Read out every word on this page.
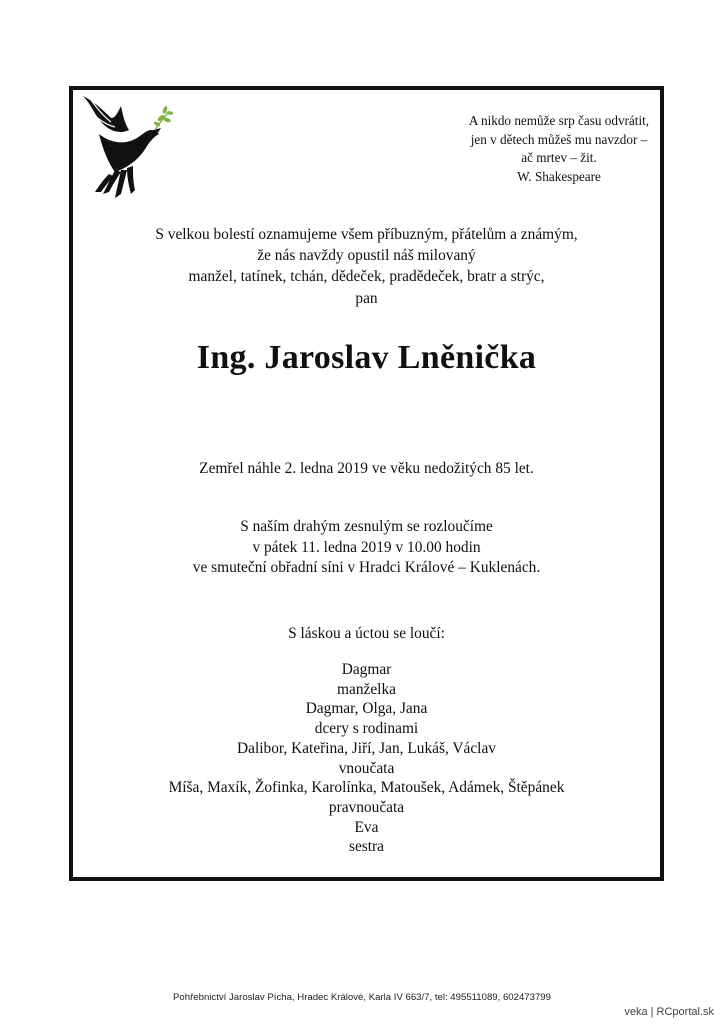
A nikdo nemůže srp času odvrátit,
jen v dětech můžeš mu navzdor –
ač mrtev – žit.
W. Shakespeare
S velkou bolestí oznamujeme všem příbuzným, přátelům a známým,
že nás navždy opustil náš milovaný
manžel, tatínek, tchán, dědeček, pradědeček, bratr a strýc,
pan
Ing. Jaroslav Lněnička
Zemřel náhle 2. ledna 2019 ve věku nedožitých 85 let.
S naším drahým zesnulým se rozloučíme
v pátek 11. ledna 2019 v 10.00 hodin
ve smuteční obřadní síni v Hradci Králové – Kuklenách.
S láskou a úctou se loučí:
Dagmar
manželka
Dagmar, Olga, Jana
dcery s rodinami
Dalibor, Kateřina, Jiří, Jan, Lukáš, Václav
vnoučata
Míša, Maxík, Žofinka, Karolínka, Matoušek, Adámek, Štěpánek
pravnoučata
Eva
sestra
Pohřebnictví Jaroslav Pícha, Hradec Králové, Karla IV 663/7, tel: 495511089, 602473799
veka | RCportal.sk
